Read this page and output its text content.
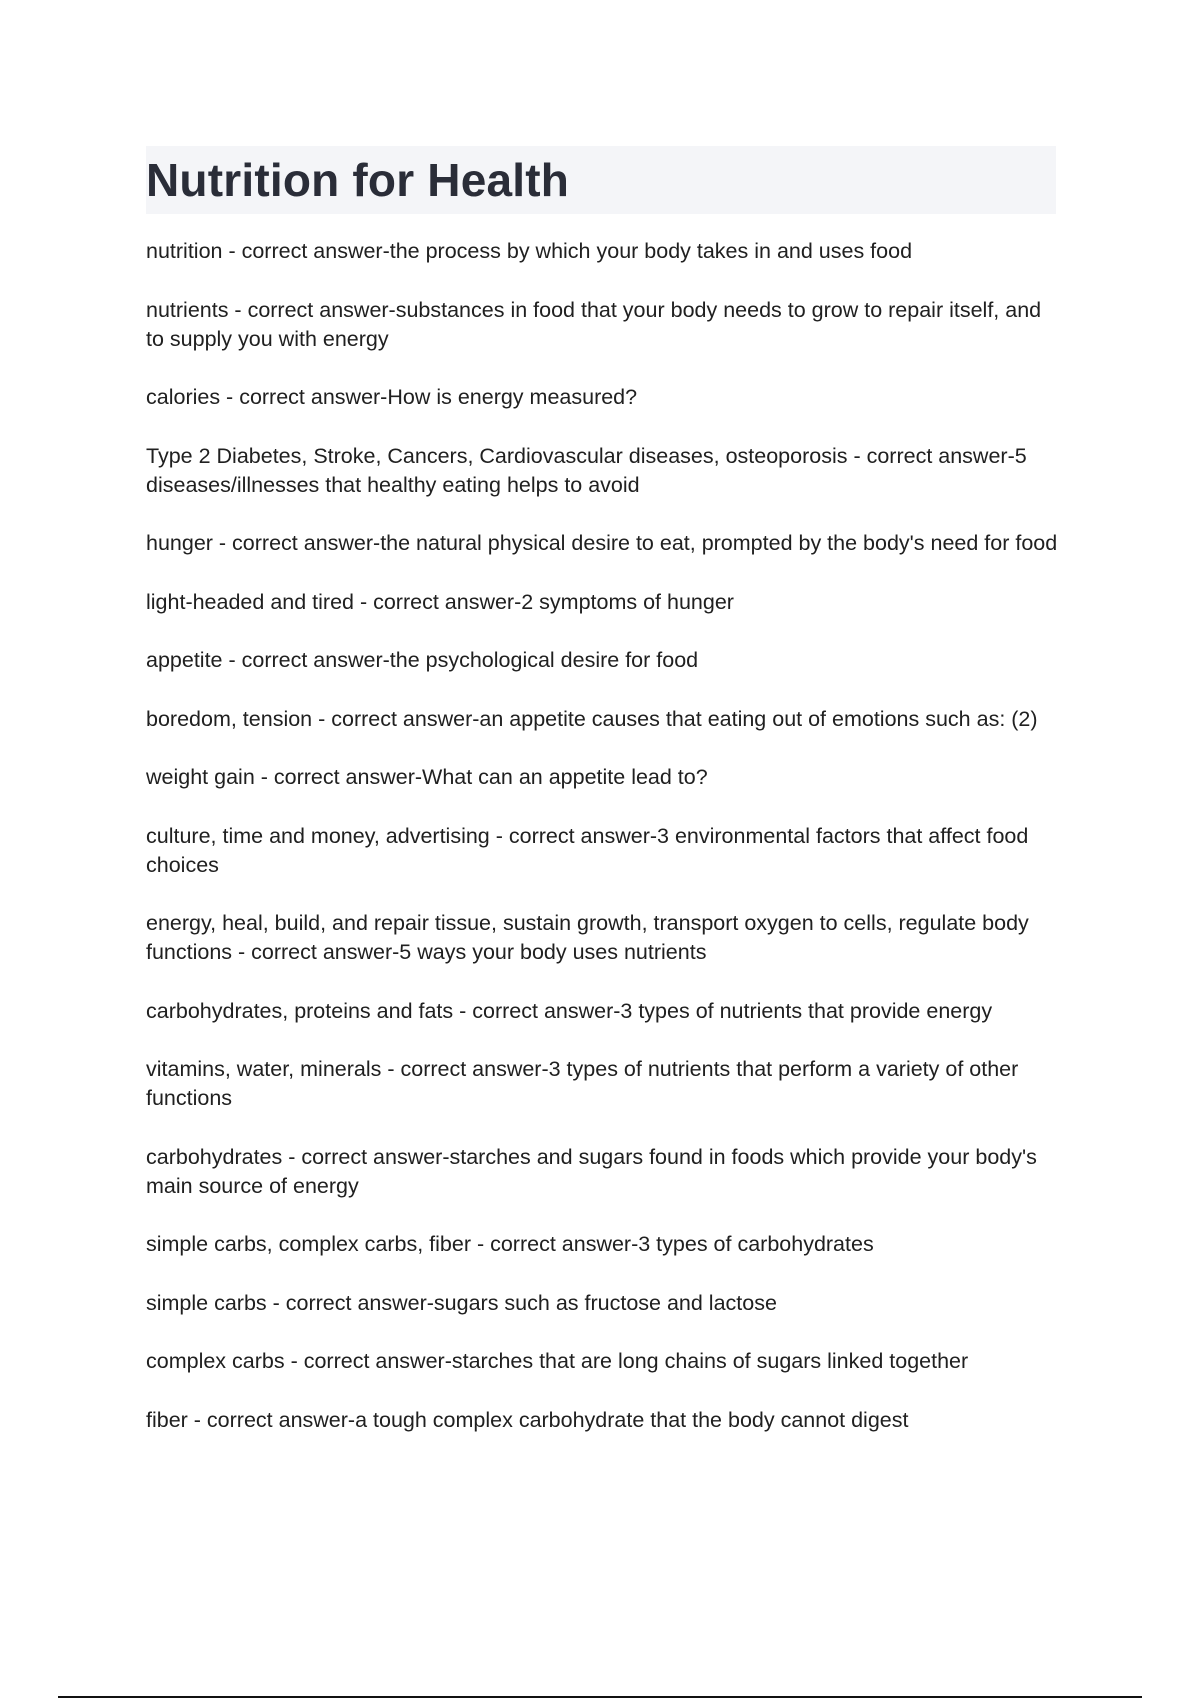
Nutrition for Health
nutrition - correct answer-the process by which your body takes in and uses food
nutrients - correct answer-substances in food that your body needs to grow to repair itself, and to supply you with energy
calories - correct answer-How is energy measured?
Type 2 Diabetes, Stroke, Cancers, Cardiovascular diseases, osteoporosis - correct answer-5 diseases/illnesses that healthy eating helps to avoid
hunger - correct answer-the natural physical desire to eat, prompted by the body's need for food
light-headed and tired - correct answer-2 symptoms of hunger
appetite - correct answer-the psychological desire for food
boredom, tension - correct answer-an appetite causes that eating out of emotions such as: (2)
weight gain - correct answer-What can an appetite lead to?
culture, time and money, advertising - correct answer-3 environmental factors that affect food choices
energy, heal, build, and repair tissue, sustain growth, transport oxygen to cells, regulate body functions - correct answer-5 ways your body uses nutrients
carbohydrates, proteins and fats - correct answer-3 types of nutrients that provide energy
vitamins, water, minerals - correct answer-3 types of nutrients that perform a variety of other functions
carbohydrates - correct answer-starches and sugars found in foods which provide your body's main source of energy
simple carbs, complex carbs, fiber - correct answer-3 types of carbohydrates
simple carbs - correct answer-sugars such as fructose and lactose
complex carbs - correct answer-starches that are long chains of sugars linked together
fiber - correct answer-a tough complex carbohydrate that the body cannot digest
